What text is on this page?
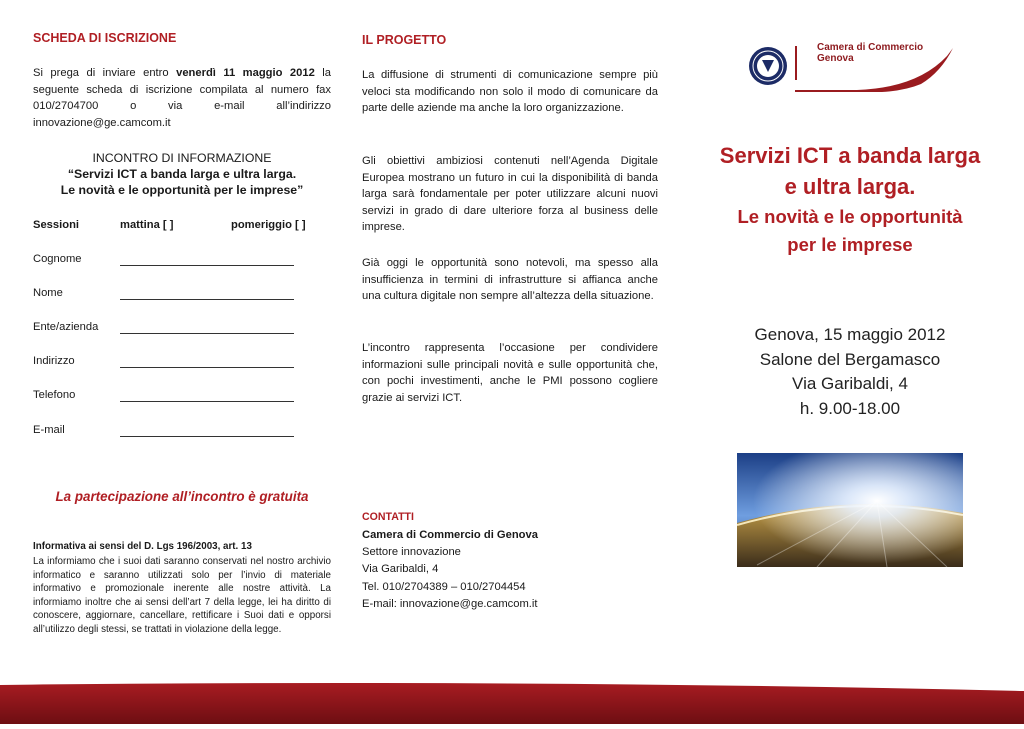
SCHEDA DI ISCRIZIONE
Si prega di inviare entro venerdì 11 maggio 2012 la seguente scheda di iscrizione compilata al numero fax 010/2704700 o via e-mail all’indirizzo innovazione@ge.camcom.it
INCONTRO DI INFORMAZIONE
“Servizi ICT a banda larga e ultra larga.
Le novità e le opportunità per le imprese”
Sessioni	mattina [ ]	pomeriggio [ ]
Cognome
Nome
Ente/azienda
Indirizzo
Telefono
E-mail
La partecipazione all’incontro è gratuita
Informativa ai sensi del D. Lgs 196/2003, art. 13
La informiamo che i suoi dati saranno conservati nel nostro archivio informatico e saranno utilizzati solo per l’invio di materiale informativo e promozionale inerente alle nostre attività. La informiamo inoltre che ai sensi dell’art 7 della legge, lei ha diritto di conoscere, aggiornare, cancellare, rettificare i Suoi dati e opporsi all’utilizzo degli stessi, se trattati in violazione della legge.
IL PROGETTO
La diffusione di strumenti di comunicazione sempre più veloci sta modificando non solo il modo di comunicare da parte delle aziende ma anche la loro organizzazione.
Gli obiettivi ambiziosi contenuti nell’Agenda Digitale Europea mostrano un futuro in cui la disponibilità di banda larga sarà fondamentale per poter utilizzare alcuni nuovi servizi in grado di dare ulteriore forza al business delle imprese.
Già oggi le opportunità sono notevoli, ma spesso alla insufficienza in termini di infrastrutture si affianca anche una cultura digitale non sempre all’altezza della situazione.
L’incontro rappresenta l’occasione per condividere informazioni sulle principali novità e sulle opportunità che, con pochi investimenti, anche le PMI possono cogliere grazie ai servizi ICT.
CONTATTI
Camera di Commercio di Genova
Settore innovazione
Via Garibaldi, 4
Tel. 010/2704389 – 010/2704454
E-mail: innovazione@ge.camcom.it
Camera di Commercio
Genova
Servizi ICT a banda larga
e ultra larga.
Le novità e le opportunità
per le imprese
Genova, 15 maggio 2012
Salone del Bergamasco
Via Garibaldi, 4
h. 9.00-18.00
